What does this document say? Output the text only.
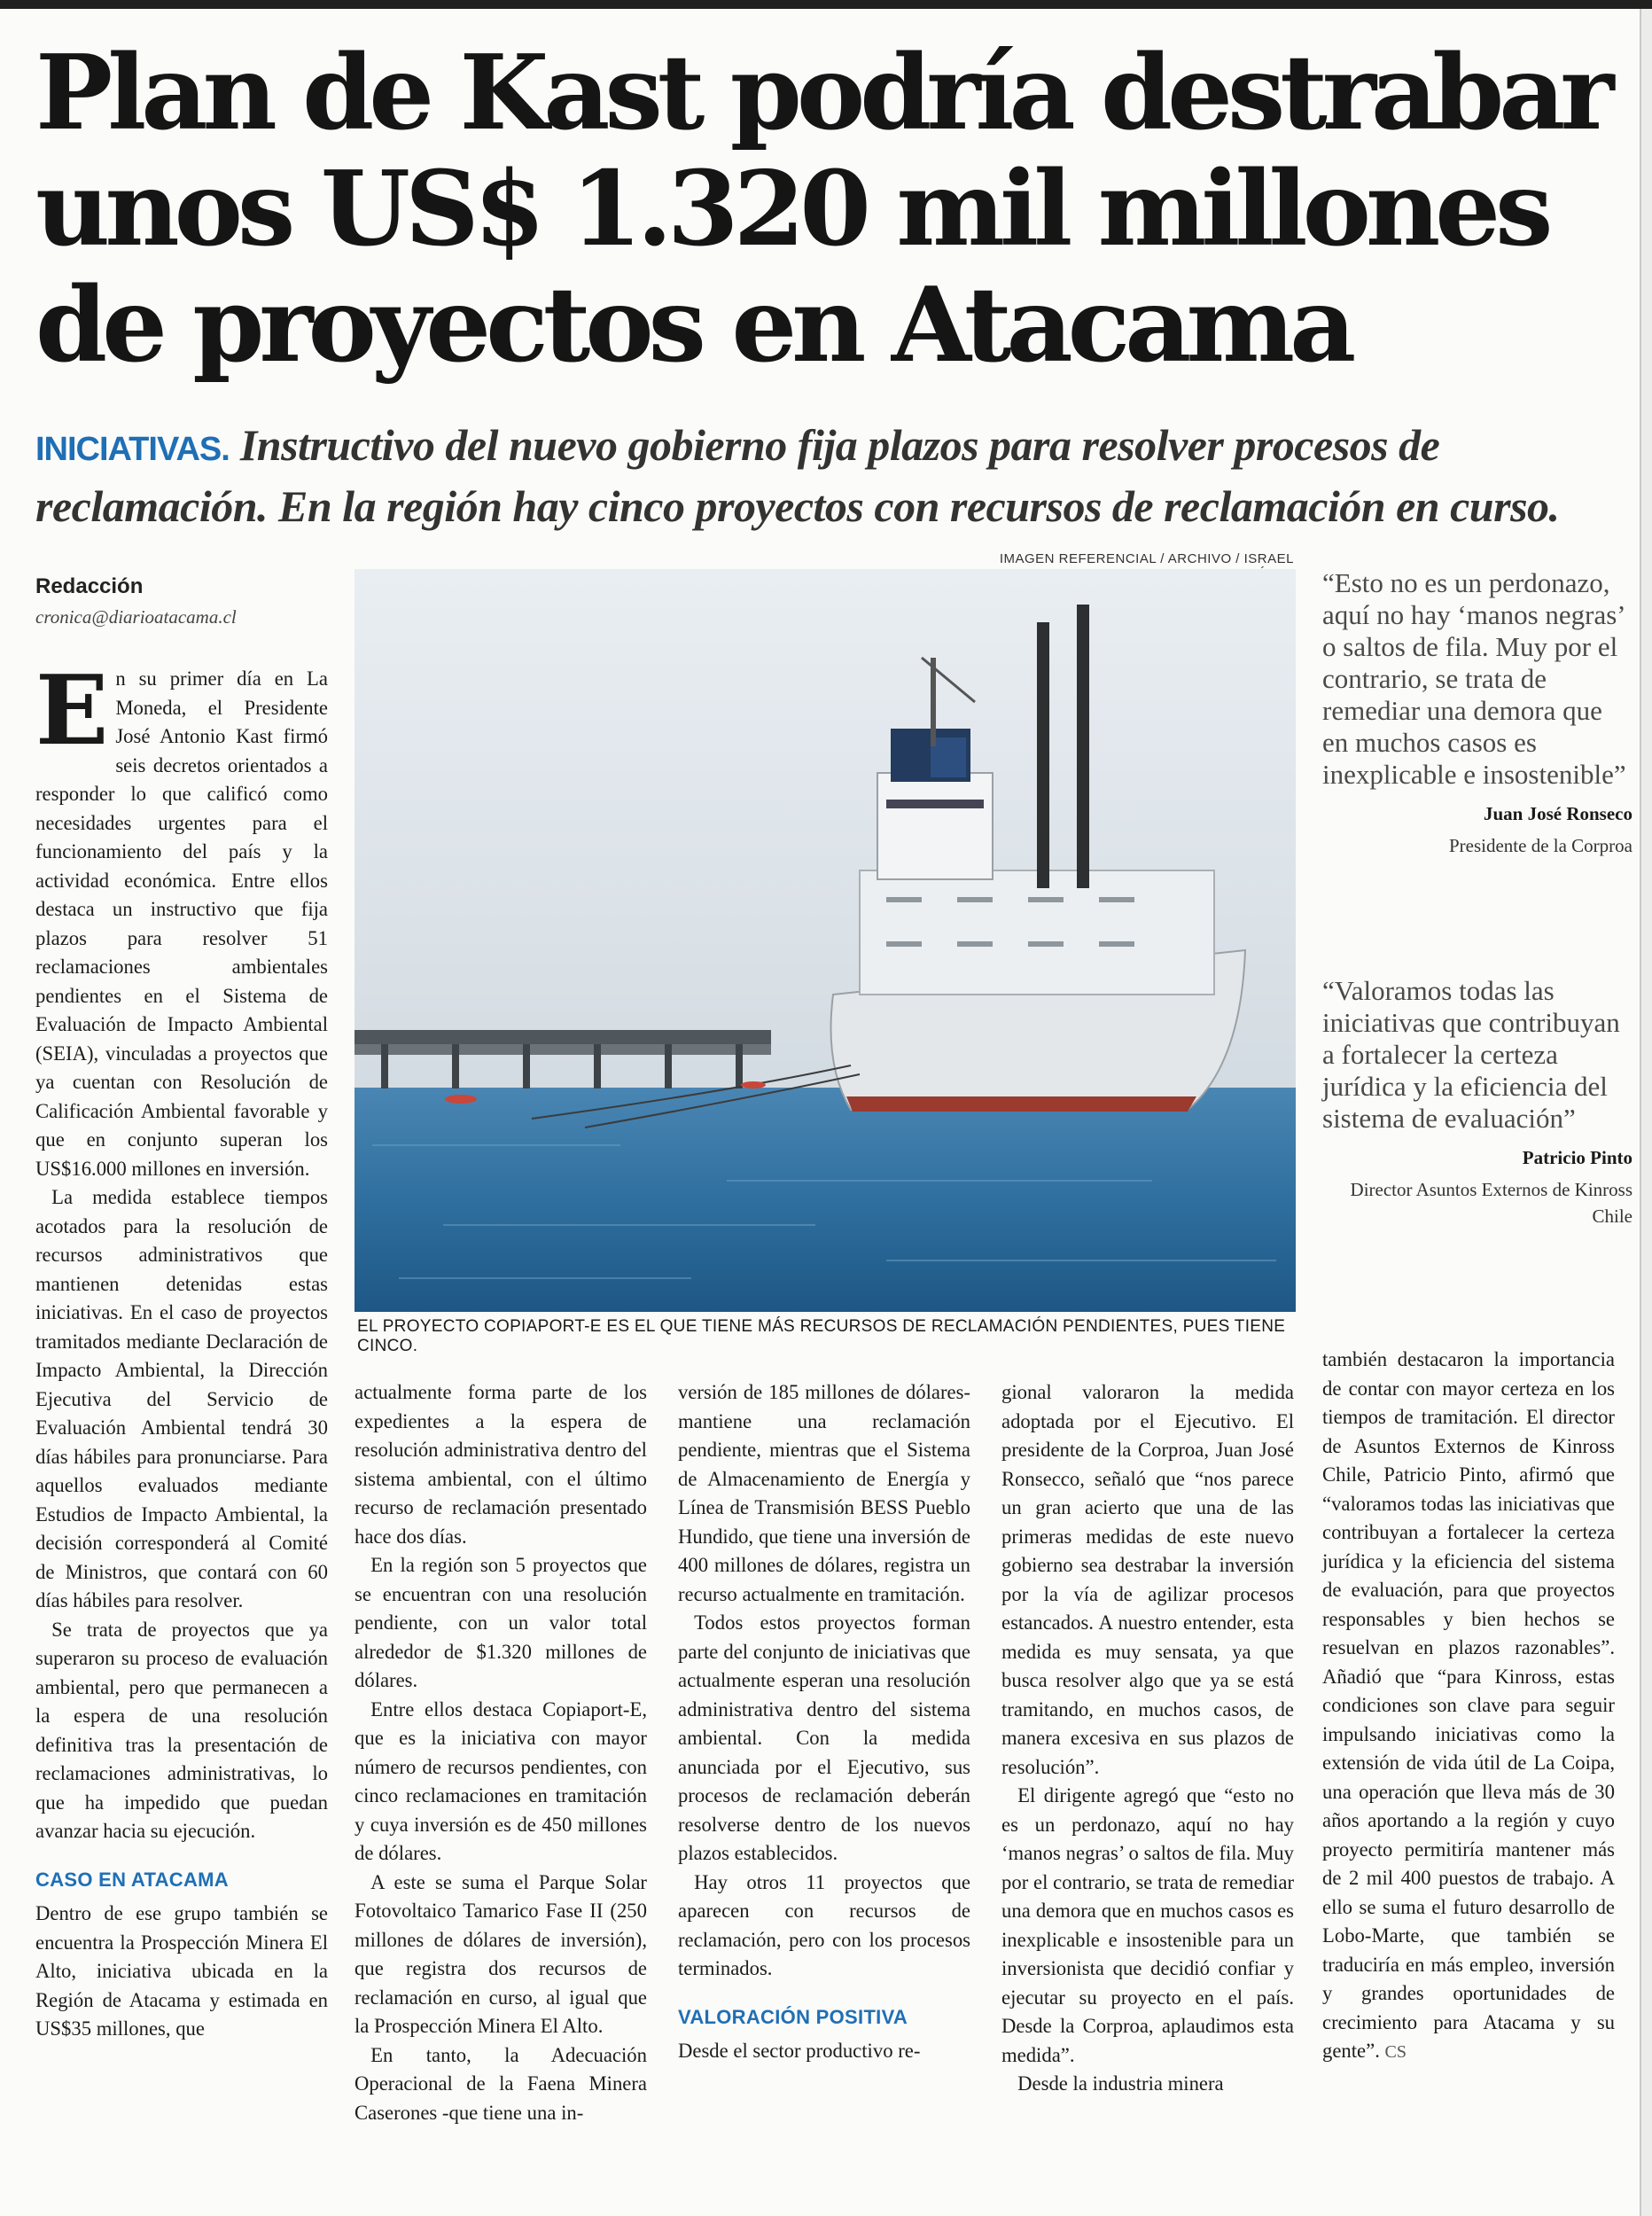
Plan de Kast podría destrabar unos US$ 1.320 mil millones de proyectos en Atacama

INICIATIVAS. Instructivo del nuevo gobierno fija plazos para resolver procesos de reclamación. En la región hay cinco proyectos con recursos de reclamación en curso.

Redacción
cronica@diarioatacama.cl
IMAGEN REFERENCIAL / ARCHIVO / ISRAEL
EL PROYECTO COPIAPORT-E ES EL QUE TIENE MÁS RECURSOS DE RECLAMACIÓN PENDIENTES, PUES TIENE CINCO.

“Esto no es un perdonazo, aquí no hay ‘manos negras’ o saltos de fila. Muy por el contrario, se trata de remediar una demora que en muchos casos es inexplicable e insostenible”

Juan José Ronseco
Presidente de la Corproa

“Valoramos todas las iniciativas que contribuyan a fortalecer la certeza jurídica y la eficiencia del sistema de evaluación”

Patricio Pinto
Director Asuntos Externos de Kinross Chile

En su primer día en La Moneda, el Presidente José Antonio Kast firmó seis decretos orientados a responder lo que calificó como necesidades urgentes para el funcionamiento del país y la actividad económica. Entre ellos destaca un instructivo que fija plazos para resolver 51 reclamaciones ambientales pendientes en el Sistema de Evaluación de Impacto Ambiental (SEIA), vinculadas a proyectos que ya cuentan con Resolución de Calificación Ambiental favorable y que en conjunto superan los US$16.000 millones en inversión.

La medida establece tiempos acotados para la resolución de recursos administrativos que mantienen detenidas estas iniciativas. En el caso de proyectos tramitados mediante Declaración de Impacto Ambiental, la Dirección Ejecutiva del Servicio de Evaluación Ambiental tendrá 30 días hábiles para pronunciarse. Para aquellos evaluados mediante Estudios de Impacto Ambiental, la decisión corresponderá al Comité de Ministros, que contará con 60 días hábiles para resolver.

Se trata de proyectos que ya superaron su proceso de evaluación ambiental, pero que permanecen a la espera de una resolución definitiva tras la presentación de reclamaciones administrativas, lo que ha impedido que puedan avanzar hacia su ejecución.

CASO EN ATACAMA

Dentro de ese grupo también se encuentra la Prospección Minera El Alto, iniciativa ubicada en la Región de Atacama y estimada en US$35 millones, que

actualmente forma parte de los expedientes a la espera de resolución administrativa dentro del sistema ambiental, con el último recurso de reclamación presentado hace dos días.

En la región son 5 proyectos que se encuentran con una resolución pendiente, con un valor total alrededor de $1.320 millones de dólares.

Entre ellos destaca Copiaport-E, que es la iniciativa con mayor número de recursos pendientes, con cinco reclamaciones en tramitación y cuya inversión es de 450 millones de dólares.

A este se suma el Parque Solar Fotovoltaico Tamarico Fase II (250 millones de dólares de inversión), que registra dos recursos de reclamación en curso, al igual que la Prospección Minera El Alto.

En tanto, la Adecuación Operacional de la Faena Minera Caserones -que tiene una in-

versión de 185 millones de dólares- mantiene una reclamación pendiente, mientras que el Sistema de Almacenamiento de Energía y Línea de Transmisión BESS Pueblo Hundido, que tiene una inversión de 400 millones de dólares, registra un recurso actualmente en tramitación.

Todos estos proyectos forman parte del conjunto de iniciativas que actualmente esperan una resolución administrativa dentro del sistema ambiental. Con la medida anunciada por el Ejecutivo, sus procesos de reclamación deberán resolverse dentro de los nuevos plazos establecidos.

Hay otros 11 proyectos que aparecen con recursos de reclamación, pero con los procesos terminados.

VALORACIÓN POSITIVA

Desde el sector productivo re-

gional valoraron la medida adoptada por el Ejecutivo. El presidente de la Corproa, Juan José Ronsecco, señaló que “nos parece un gran acierto que una de las primeras medidas de este nuevo gobierno sea destrabar la inversión por la vía de agilizar procesos estancados. A nuestro entender, esta medida es muy sensata, ya que busca resolver algo que ya se está tramitando, en muchos casos, de manera excesiva en sus plazos de resolución”.

El dirigente agregó que “esto no es un perdonazo, aquí no hay ‘manos negras’ o saltos de fila. Muy por el contrario, se trata de remediar una demora que en muchos casos es inexplicable e insostenible para un inversionista que decidió confiar y ejecutar su proyecto en el país. Desde la Corproa, aplaudimos esta medida”.

Desde la industria minera

también destacaron la importancia de contar con mayor certeza en los tiempos de tramitación. El director de Asuntos Externos de Kinross Chile, Patricio Pinto, afirmó que “valoramos todas las iniciativas que contribuyan a fortalecer la certeza jurídica y la eficiencia del sistema de evaluación, para que proyectos responsables y bien hechos se resuelvan en plazos razonables”. Añadió que “para Kinross, estas condiciones son clave para seguir impulsando iniciativas como la extensión de vida útil de La Coipa, una operación que lleva más de 30 años aportando a la región y cuyo proyecto permitiría mantener más de 2 mil 400 puestos de trabajo. A ello se suma el futuro desarrollo de Lobo-Marte, que también se traduciría en más empleo, inversión y grandes oportunidades de crecimiento para Atacama y su gente”. CS
